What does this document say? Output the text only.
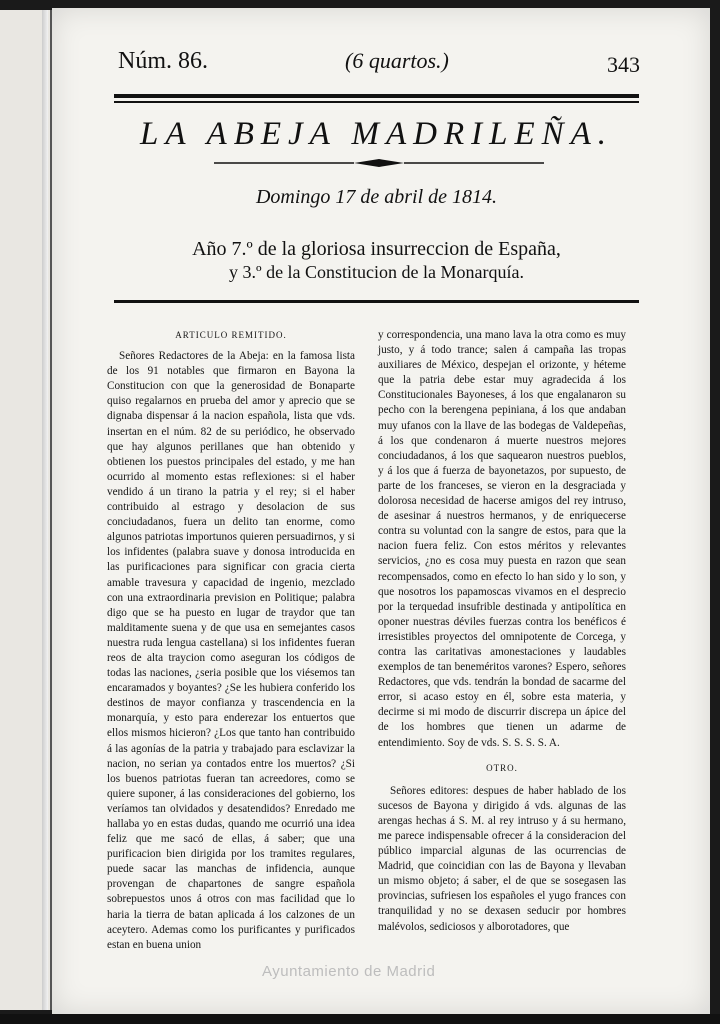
Núm. 86.	(6 quartos.)	343
LA ABEJA MADRILEÑA.
Domingo 17 de abril de 1814.
Año 7.º de la gloriosa insurreccion de España,
y 3.º de la Constitucion de la Monarquía.
ARTICULO REMITIDO.

Señores Redactores de la Abeja: en la famosa lista de los 91 notables que firmaron en Bayona la Constitucion con que la generosidad de Bonaparte quiso regalarnos en prueba del amor y aprecio que se dignaba dispensar á la nacion española, lista que vds. insertan en el núm. 82 de su periódico, he observado que hay algunos perillanes que han obtenido y obtienen los puestos principales del estado, y me han ocurrido al momento estas reflexiones: si el haber vendido á un tirano la patria y el rey; si el haber contribuido al estrago y desolacion de sus conciudadanos, fuera un delito tan enorme, como algunos patriotas importunos quieren persuadirnos, y si los infidentes (palabra suave y donosa introducida en las purificaciones para significar con gracia cierta amable travesura y capacidad de ingenio, mezclado con una extraordinaria prevision en Politique; palabra digo que se ha puesto en lugar de traydor que tan malditamente suena y de que usa en semejantes casos nuestra ruda lengua castellana) si los infidentes fueran reos de alta traycion como aseguran los códigos de todas las naciones, ¿seria posible que los viésemos tan encaramados y boyantes? ¿Se les hubiera conferido los destinos de mayor confianza y trascendencia en la monarquía, y esto para enderezar los entuertos que ellos mismos hicieron? ¿Los que tanto han contribuido á las agonías de la patria y trabajado para esclavizar la nacion, no serian ya contados entre los muertos? ¿Si los buenos patriotas fueran tan acreedores, como se quiere suponer, á las consideraciones del gobierno, los veríamos tan olvidados y desatendidos? Enredado me hallaba yo en estas dudas, quando me ocurrió una idea feliz que me sacó de ellas, á saber; que una purificacion bien dirigida por los tramites regulares, puede sacar las manchas de infidencia, aunque provengan de chapartones de sangre española sobrepuestos unos á otros con mas facilidad que lo haria la tierra de batan aplicada á los calzones de un aceytero. Ademas como los purificantes y purificados estan en buena union

y correspondencia, una mano lava la otra como es muy justo, y á todo trance; salen á campaña las tropas auxiliares de México, despejan el orizonte, y héteme que la patria debe estar muy agradecida á los Constitucionales Bayoneses, á los que engalanaron su pecho con la berengena pepiniana, á los que andaban muy ufanos con la llave de las bodegas de Valdepeñas, á los que condenaron á muerte nuestros mejores conciudadanos, á los que saquearon nuestros pueblos, y á los que á fuerza de bayonetazos, por supuesto, de parte de los franceses, se vieron en la desgraciada y dolorosa necesidad de hacerse amigos del rey intruso, de asesinar á nuestros hermanos, y de enriquecerse contra su voluntad con la sangre de estos, para que la nacion fuera feliz. Con estos méritos y relevantes servicios, ¿no es cosa muy puesta en razon que sean recompensados, como en efecto lo han sido y lo son, y que nosotros los papamoscas vivamos en el desprecio por la terquedad insufrible destinada y antipolítica en oponer nuestras déviles fuerzas contra los benéficos é irresistibles proyectos del omnipotente de Corcega, y contra las caritativas amonestaciones y laudables exemplos de tan beneméritos varones? Espero, señores Redactores, que vds. tendrán la bondad de sacarme del error, si acaso estoy en él, sobre esta materia, y decirme si mi modo de discurrir discrepa un ápice del de los hombres que tienen un adarme de entendimiento. Soy de vds. S. S. S. S. A.

OTRO.

Señores editores: despues de haber hablado de los sucesos de Bayona y dirigido á vds. algunas de las arengas hechas á S. M. al rey intruso y á su hermano, me parece indispensable ofrecer á la consideracion del público imparcial algunas de las ocurrencias de Madrid, que coincidian con las de Bayona y llevaban un mismo objeto; á saber, el de que se sosegasen las provincias, sufriesen los españoles el yugo frances con tranquilidad y no se dexasen seducir por hombres malévolos, sediciosos y alborotadores, que

Ayuntamiento de Madrid
